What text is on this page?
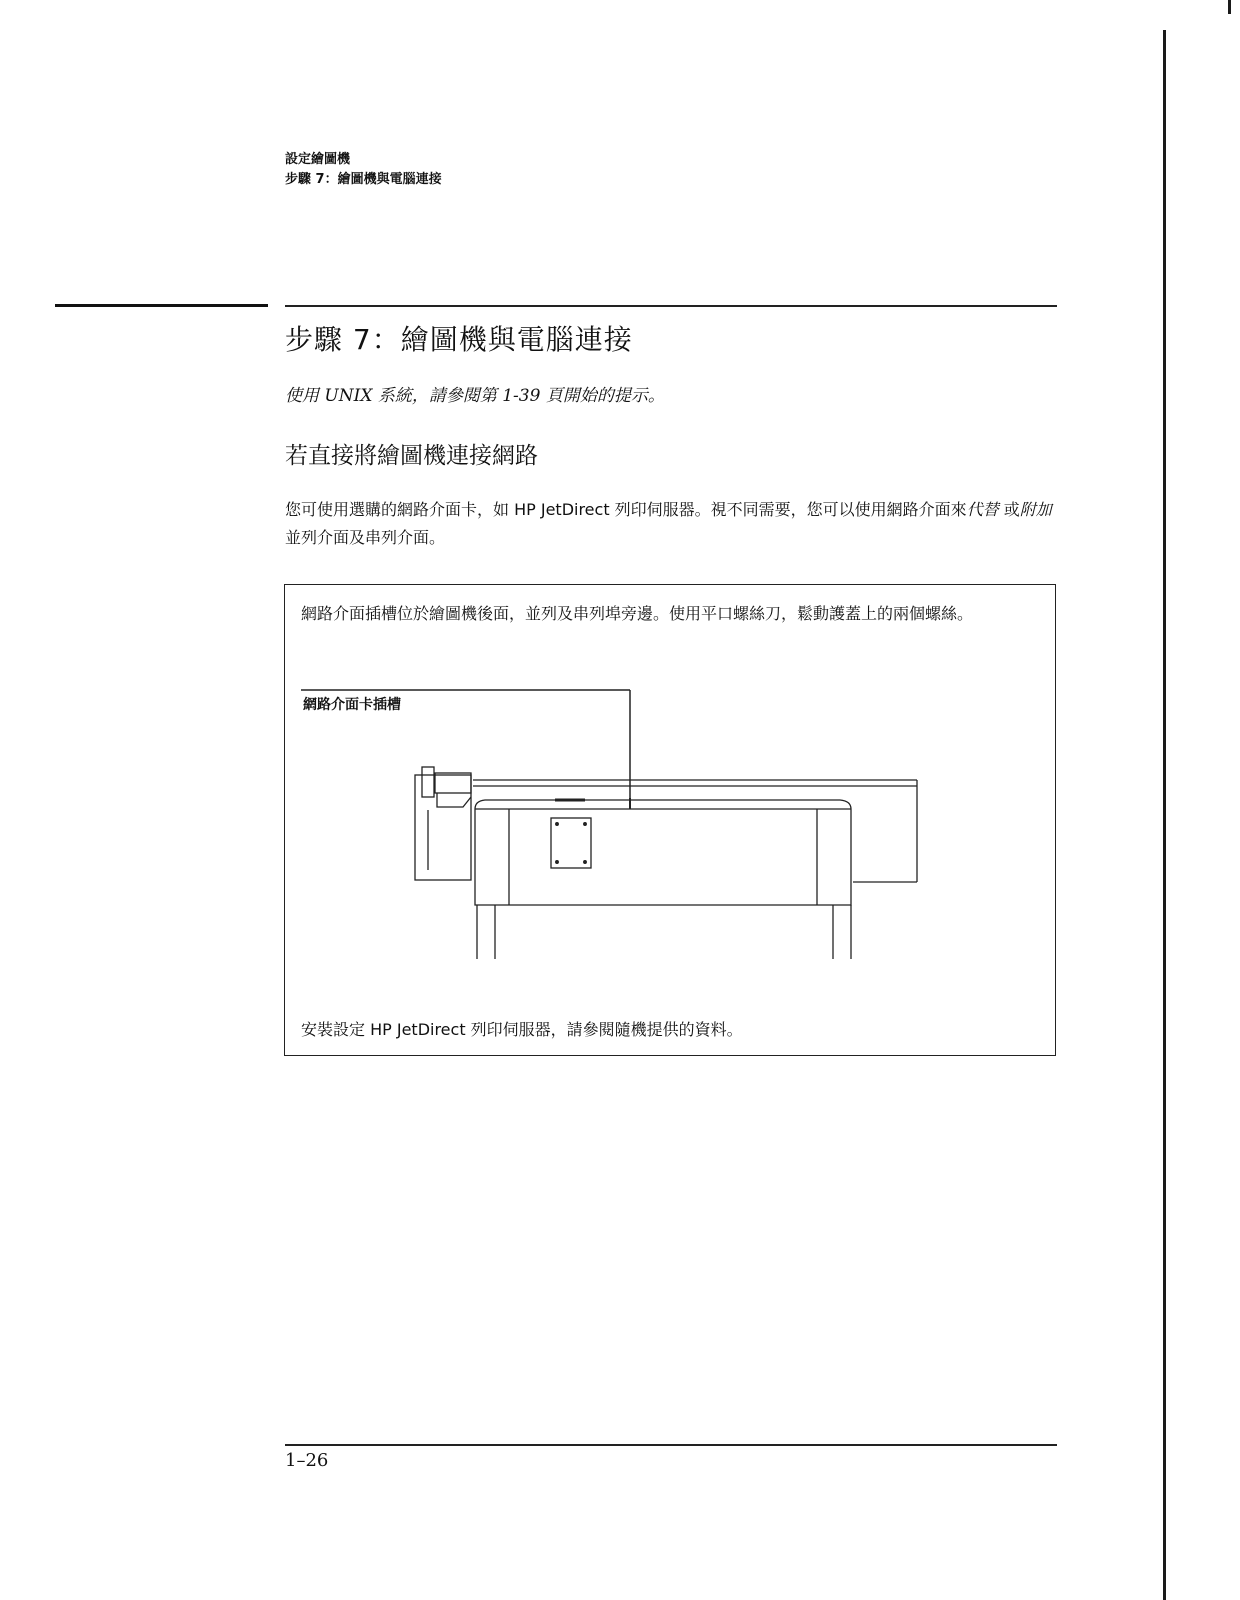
設定繪圖機
步驟 7：繪圖機與電腦連接
步驟 7：繪圖機與電腦連接
使用 UNIX 系統，請參閱第 1-39 頁開始的提示。
若直接將繪圖機連接網路
您可使用選購的網路介面卡，如 HP JetDirect 列印伺服器。視不同需要，您可以使用網路介面來代替 或附加 並列介面及串列介面。
網路介面插槽位於繪圖機後面，並列及串列埠旁邊。使用平口螺絲刀，鬆動護蓋上的兩個螺絲。
網路介面卡插槽
安裝設定 HP JetDirect 列印伺服器，請參閱隨機提供的資料。
1–26
